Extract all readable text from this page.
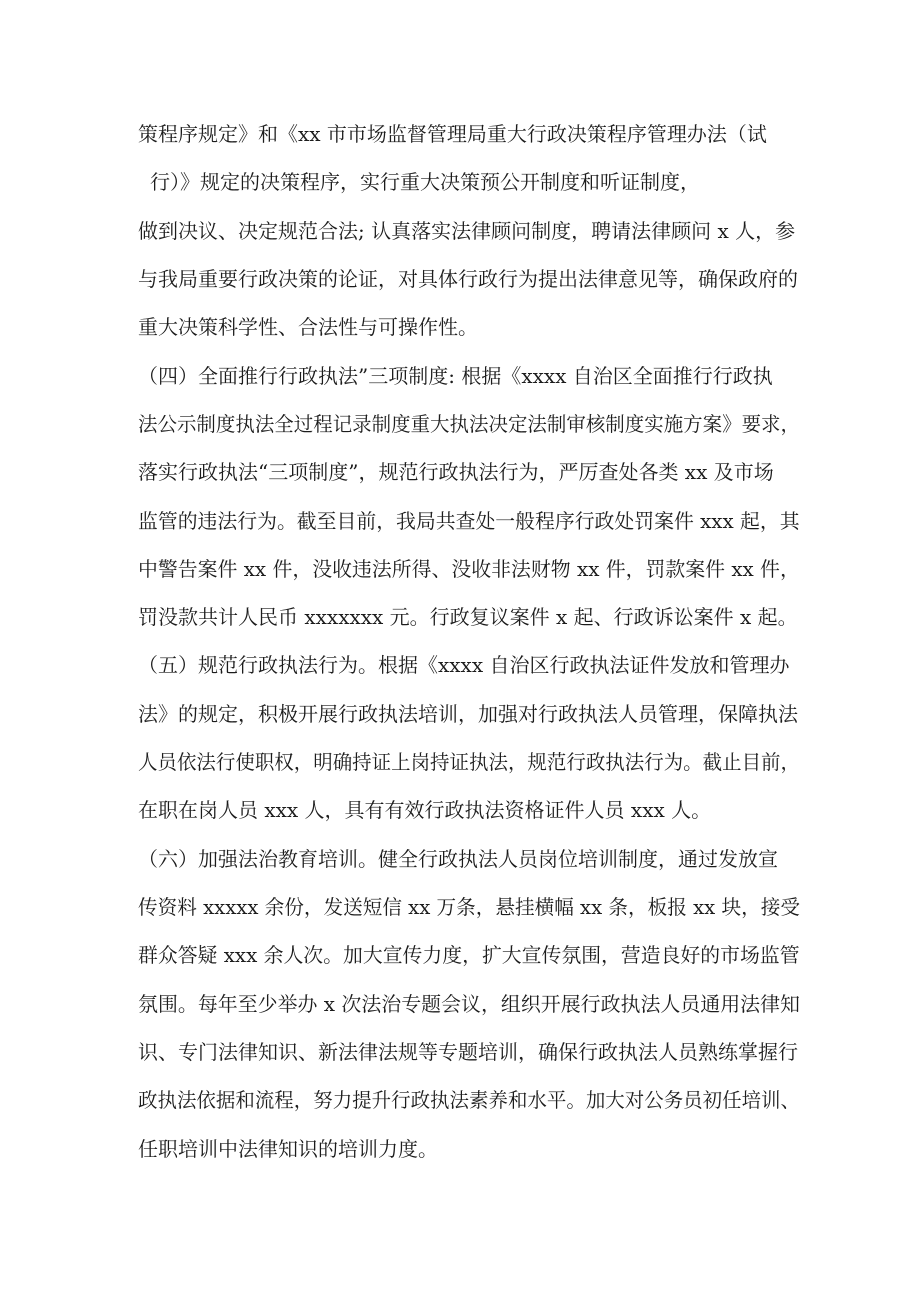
策程序规定》和《xx 市市场监督管理局重大行政决策程序管理办法（试
行）》规定的决策程序，实行重大决策预公开制度和听证制度，
做到决议、决定规范合法; 认真落实法律顾问制度，聘请法律顾问 x 人，参
与我局重要行政决策的论证，对具体行政行为提出法律意见等，确保政府的
重大决策科学性、合法性与可操作性。
（四）全面推行行政执法”三项制度: 根据《xxxx 自治区全面推行行政执
法公示制度执法全过程记录制度重大执法决定法制审核制度实施方案》要求，
落实行政执法“三项制度”，规范行政执法行为，严厉查处各类 xx 及市场
监管的违法行为。截至目前，我局共查处一般程序行政处罚案件 xxx 起，其
中警告案件 xx 件，没收违法所得、没收非法财物 xx 件，罚款案件 xx 件，
罚没款共计人民币 xxxxxxx 元。行政复议案件 x 起、行政诉讼案件 x 起。
（五）规范行政执法行为。根据《xxxx 自治区行政执法证件发放和管理办
法》的规定，积极开展行政执法培训，加强对行政执法人员管理，保障执法
人员依法行使职权，明确持证上岗持证执法，规范行政执法行为。截止目前，
在职在岗人员 xxx 人，具有有效行政执法资格证件人员 xxx 人。
（六）加强法治教育培训。健全行政执法人员岗位培训制度，通过发放宣
传资料 xxxxx 余份，发送短信 xx 万条，悬挂横幅 xx 条，板报 xx 块，接受
群众答疑 xxx 余人次。加大宣传力度，扩大宣传氛围，营造良好的市场监管
氛围。每年至少举办 x 次法治专题会议，组织开展行政执法人员通用法律知
识、专门法律知识、新法律法规等专题培训，确保行政执法人员熟练掌握行
政执法依据和流程，努力提升行政执法素养和水平。加大对公务员初任培训、
任职培训中法律知识的培训力度。
